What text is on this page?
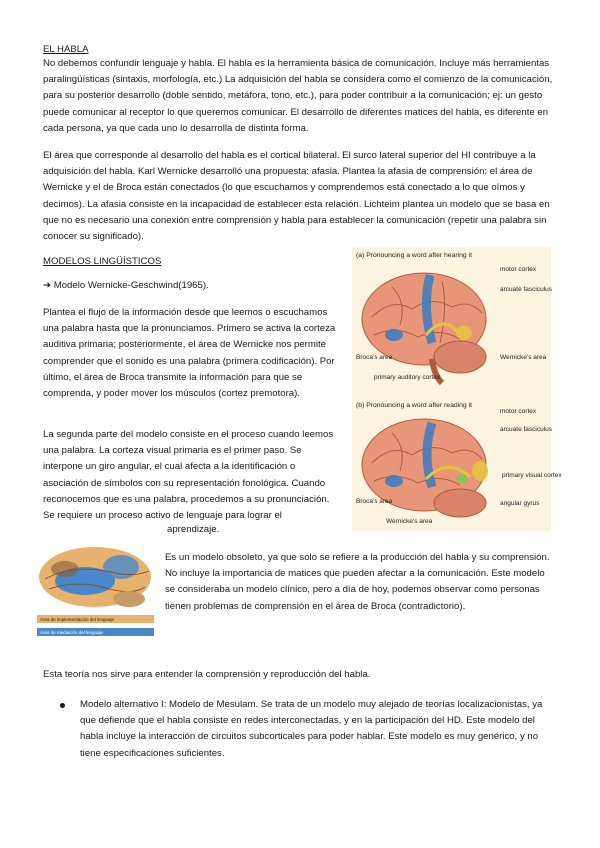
EL HABLA

No debemos confundir lenguaje y habla. El habla es la herramienta básica de comunicación. Incluye más herramientas paralingüísticas (sintaxis, morfología, etc.) La adquisición del habla se considera como el comienzo de la comunicación, para su posterior desarrollo (doble sentido, metáfora, tono, etc.), para poder contribuir a la comunicación; ej: un gesto puede comunicar al receptor lo que queremos comunicar. El desarrollo de diferentes matices del habla, es diferente en cada persona, ya que cada uno lo desarrolla de distinta forma.

El área que corresponde al desarrollo del habla es el cortical bilateral. El surco lateral superior del HI contribuye a la adquisición del habla. Karl Wernicke desarrolló una propuesta: afasia. Plantea la afasia de comprensión: el área de Wernicke y el de Broca están conectados (lo que escuchamos y comprendemos está conectado a lo que oímos y decimos). La afasia consiste en la incapacidad de establecer esta relación. Lichteim plantea un modelo que se basa en que no es necesario una conexión entre comprensión y habla para establecer la comunicación (repetir una palabra sin conocer su significado).

MODELOS LINGÜÍSTICOS

➔ Modelo Wernicke-Geschwind(1965).

Plantea el flujo de la información desde que leemos o escuchamos una palabra hasta que la pronunciamos. Primero se activa la corteza auditiva primaria; posteriormente, el área de Wernicke nos permite comprender que el sonido es una palabra (primera codificación). Por último, el área de Broca transmite la información para que se comprenda, y poder mover los músculos (cortez premotora).

La segunda parte del modelo consiste en el proceso cuando leemos una palabra. La corteza visual primaria es el primer paso. Se interpone un giro angular, el cual afecta a la identificación o asociación de símbolos con su representación fonológica. Cuando reconocemos que es una palabra, procedemos a su pronunciación. Se requiere un proceso activo de lenguaje para lograr el

aprendizaje.

Es un modelo obsoleto, ya que solo se refiere a la producción del habla y su comprensión. No incluye la importancia de matices que pueden afectar a la comunicación. Este modelo se consideraba un modelo clínico, pero a día de hoy, podemos observar como personas tienen problemas de comprensión en el área de Broca (contradictorio).

Esta teoría nos sirve para entender la comprensión y reproducción del habla.

Modelo alternativo I: Modelo de Mesulam. Se trata de un modelo muy alejado de teorías localizacionistas, ya que defiende que el habla consiste en redes interconectadas, y en la participación del HD. Este modelo del habla incluye la interacción de circuitos subcorticales para poder hablar. Este modelo es muy genérico, y no tiene especificaciones suficientes.

(a) Pronouncing a word after hearing it
motor cortex
arcuate fasciculus
Broca's area	Wernicke's area
primary auditory cortex
(b) Pronouncing a word after reading it
motor cortex
arcuate fasciculus
primary visual cortex
Broca's area	angular gyrus
Wernicke's area
Área de implementación del lenguaje
Área de mediación del lenguaje
